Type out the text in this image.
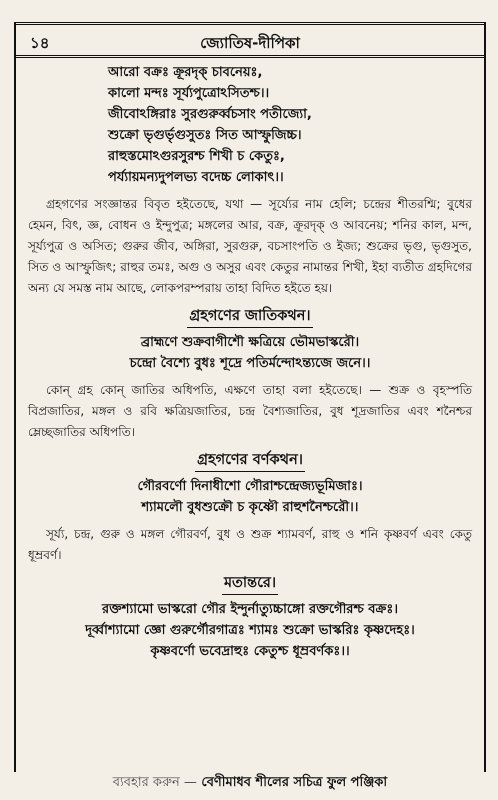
১৪	জ্যোতিষ-দীপিকা
আরো বক্রঃ ক্রূরদৃক্ চাবনেয়ঃ,
কালো মন্দঃ সূর্য্যপুত্রোঽসিতশ্চ।।
জীবোঽঙ্গিরাঃ সুরগুরুর্ব্বচসাং পতীজ্যো,
শুক্রো ভৃগুর্ভৃগুসুতঃ সিত আস্ফুজিচ্চ।
রাহুস্তমোঽগুরসুরশ্চ শিখী চ কেতুঃ,
পর্য্যায়মন্যদুপলভ্য বদেচ্চ লোকাৎ।।

গ্রহগণের সংজ্ঞান্তর বিবৃত হইতেছে, যথা — সূর্য্যের নাম হেলি; চন্দ্রের শীতরশ্মি; বুধের হেমন, বিৎ, জ্ঞ, বোধন ও ইন্দুপুত্র; মঙ্গলের আর, বক্র, ক্রূরদৃক্ ও আবনেয়; শনির কাল, মন্দ, সূর্য্যপুত্র ও অসিত; গুরুর জীব, অঙ্গিরা, সুরগুরু, বচসাংপতি ও ইজ্য; শুক্রের ভৃগু, ভৃগুসুত, সিত ও আস্ফুজিৎ; রাহুর তমঃ, অগু ও অসুর এবং কেতুর নামান্তর শিখী, ইহা ব্যতীত গ্রহদিগের অন্য যে সমস্ত নাম আছে, লোকপরম্পরায় তাহা বিদিত হইতে হয়।

গ্রহগণের জাতিকথন।
ব্রাহ্মণে শুক্রবাগীশৌ ক্ষত্রিয়ে ভৌমভাস্করৌ।
চন্দ্রো বৈশ্যে বুধঃ শূদ্রে পতির্মন্দোঽন্ত্যজে জনে।।

কোন্ গ্রহ কোন্ জাতির অধিপতি, এক্ষণে তাহা বলা হইতেছে। — শুক্র ও বৃহস্পতি বিপ্রজাতির, মঙ্গল ও রবি ক্ষত্রিয়জাতির, চন্দ্র বৈশ্যজাতির, বুধ শূদ্রজাতির এবং শনৈশ্চর ম্লেচ্ছজাতির অধিপতি।

গ্রহগণের বর্ণকথন।
গৌরবর্ণো দিনাধীশো গৌরাশ্চন্দ্রেজ্যভূমিজাঃ।
শ্যামলৌ বুধশুক্রৌ চ কৃষ্ণৌ রাহুশনৈশ্চরৌ।।

সূর্য্য, চন্দ্র, গুরু ও মঙ্গল গৌরবর্ণ, বুধ ও শুক্র শ্যামবর্ণ, রাহু ও শনি কৃষ্ণবর্ণ এবং কেতু ধূম্রবর্ণ।

মতান্তরে।
রক্তশ্যামো ভাস্করো গৌর ইন্দুর্নাত্যুচ্চাঙ্গো রক্তগৌরশ্চ বক্রঃ।
দূর্ব্বাশ্যামো জ্ঞো গুরুর্গৌরগাত্রঃ শ্যামঃ শুক্রো ভাস্করিঃ কৃষ্ণদেহঃ।
কৃষ্ণবর্ণো ভবেদ্রাহুঃ কেতুশ্চ ধূম্রবর্ণকঃ।।
ব্যবহার করুন — বেণীমাধব শীলের সচিত্র ফুল পঞ্জিকা
